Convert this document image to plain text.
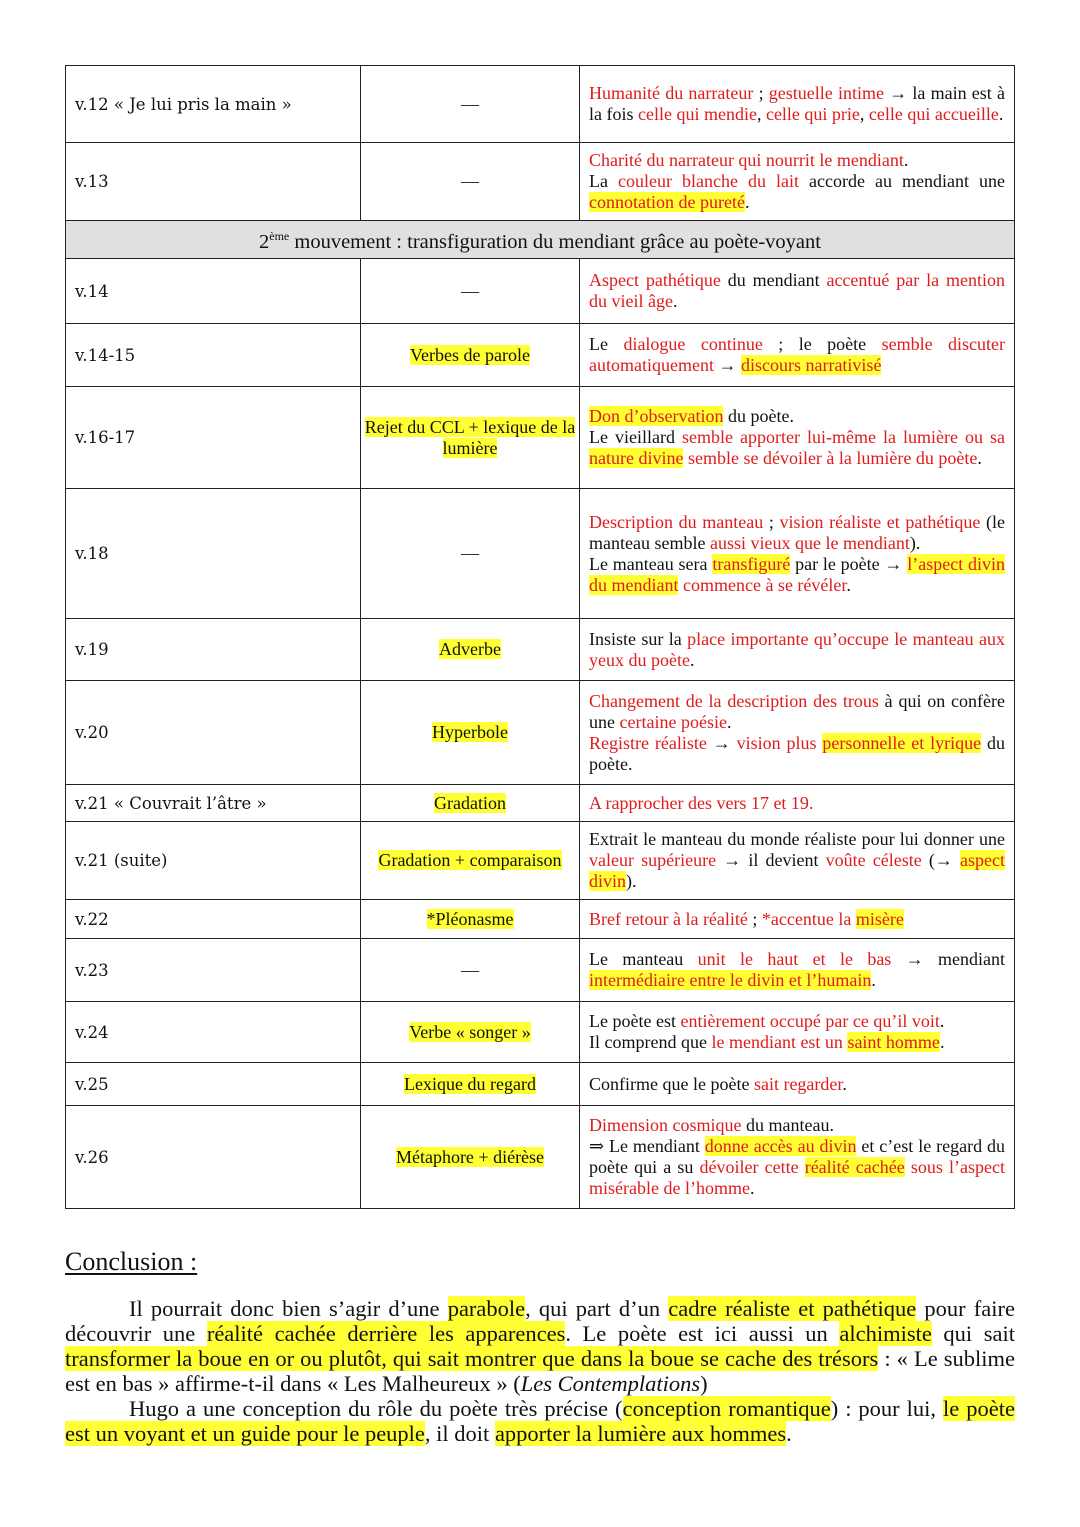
v.12 « Je lui pris la main »	—	Humanité du narrateur ; gestuelle intime → la main est à la fois celle qui mendie, celle qui prie, celle qui accueille.
v.13	—	Charité du narrateur qui nourrit le mendiant.
La couleur blanche du lait accorde au mendiant une connotation de pureté.
2ème mouvement : transfiguration du mendiant grâce au poète-voyant		
v.14	—	Aspect pathétique du mendiant accentué par la mention du vieil âge.
v.14-15	Verbes de parole	Le dialogue continue ; le poète semble discuter automatiquement → discours narrativisé
v.16-17	Rejet du CCL + lexique de la lumière	Don d’observation du poète.
Le vieillard semble apporter lui-même la lumière ou sa nature divine semble se dévoiler à la lumière du poète.
v.18	—	Description du manteau ; vision réaliste et pathétique (le manteau semble aussi vieux que le mendiant).
Le manteau sera transfiguré par le poète → l’aspect divin du mendiant commence à se révéler.
v.19	Adverbe	Insiste sur la place importante qu’occupe le manteau aux yeux du poète.
v.20	Hyperbole	Changement de la description des trous à qui on confère une certaine poésie.
Registre réaliste → vision plus personnelle et lyrique du poète.
v.21 « Couvrait l’âtre »	Gradation	A rapprocher des vers 17 et 19.
v.21 (suite)	Gradation + comparaison	Extrait le manteau du monde réaliste pour lui donner une valeur supérieure → il devient voûte céleste (→ aspect divin).
v.22	*Pléonasme	Bref retour à la réalité ; *accentue la misère
v.23	—	Le manteau unit le haut et le bas → mendiant intermédiaire entre le divin et l’humain.
v.24	Verbe « songer »	Le poète est entièrement occupé par ce qu’il voit.
Il comprend que le mendiant est un saint homme.
v.25	Lexique du regard	Confirme que le poète sait regarder.
v.26	Métaphore + diérèse	Dimension cosmique du manteau.
⇒ Le mendiant donne accès au divin et c’est le regard du poète qui a su dévoiler cette réalité cachée sous l’aspect misérable de l’homme.
Conclusion :

Il pourrait donc bien s’agir d’une parabole, qui part d’un cadre réaliste et pathétique pour faire découvrir une réalité cachée derrière les apparences. Le poète est ici aussi un alchimiste qui sait transformer la boue en or ou plutôt, qui sait montrer que dans la boue se cache des trésors : « Le sublime est en bas » affirme-t-il dans « Les Malheureux » (Les Contemplations)

Hugo a une conception du rôle du poète très précise (conception romantique) : pour lui, le poète est un voyant et un guide pour le peuple, il doit apporter la lumière aux hommes.
